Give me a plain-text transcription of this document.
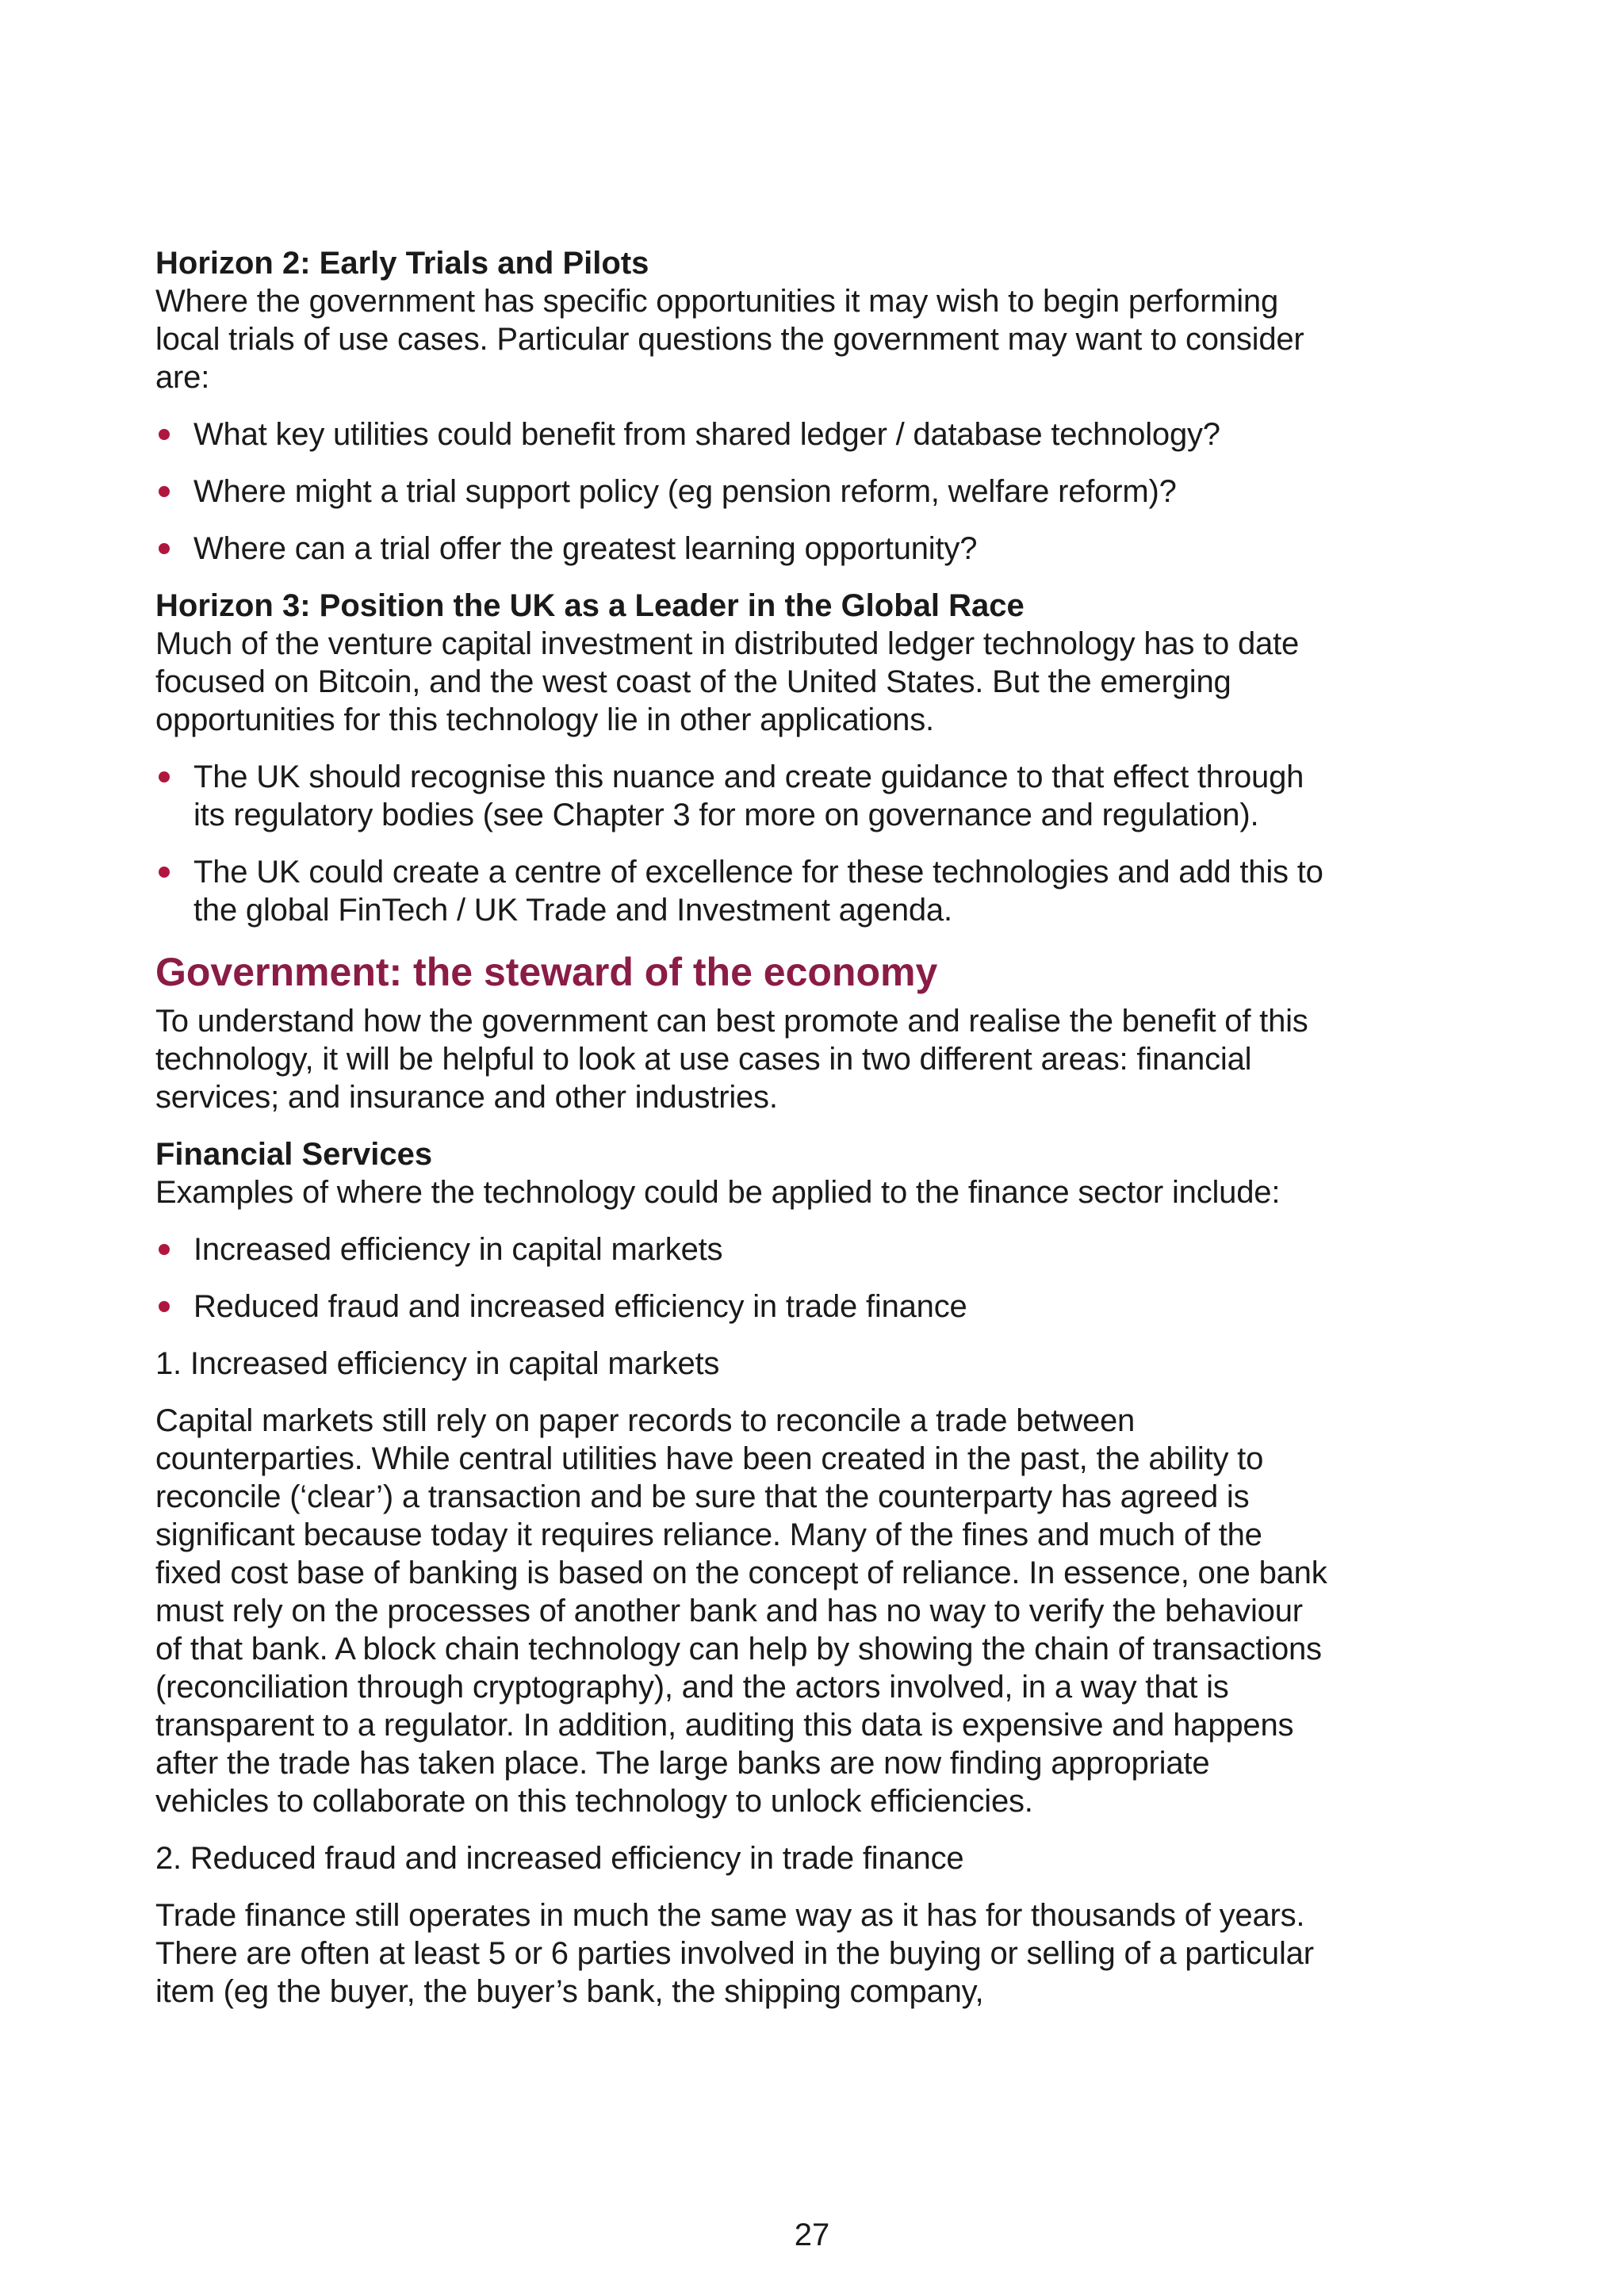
Horizon 2: Early Trials and Pilots

Where the government has specific opportunities it may wish to begin performing local trials of use cases. Particular questions the government may want to consider are:

What key utilities could benefit from shared ledger / database technology?
Where might a trial support policy (eg pension reform, welfare reform)?
Where can a trial offer the greatest learning opportunity?
Horizon 3: Position the UK as a Leader in the Global Race

Much of the venture capital investment in distributed ledger technology has to date focused on Bitcoin, and the west coast of the United States. But the emerging opportunities for this technology lie in other applications.

The UK should recognise this nuance and create guidance to that effect through its regulatory bodies (see Chapter 3 for more on governance and regulation).
The UK could create a centre of excellence for these technologies and add this to the global FinTech / UK Trade and Investment agenda.
Government: the steward of the economy

To understand how the government can best promote and realise the benefit of this technology, it will be helpful to look at use cases in two different areas: financial services; and insurance and other industries.

Financial Services

Examples of where the technology could be applied to the finance sector include:

Increased efficiency in capital markets
Reduced fraud and increased efficiency in trade finance

1. Increased efficiency in capital markets

Capital markets still rely on paper records to reconcile a trade between counterparties. While central utilities have been created in the past, the ability to reconcile (‘clear’) a transaction and be sure that the counterparty has agreed is significant because today it requires reliance. Many of the fines and much of the fixed cost base of banking is based on the concept of reliance. In essence, one bank must rely on the processes of another bank and has no way to verify the behaviour of that bank. A block chain technology can help by showing the chain of transactions (reconciliation through cryptography), and the actors involved, in a way that is transparent to a regulator. In addition, auditing this data is expensive and happens after the trade has taken place. The large banks are now finding appropriate vehicles to collaborate on this technology to unlock efficiencies.

2. Reduced fraud and increased efficiency in trade finance

Trade finance still operates in much the same way as it has for thousands of years. There are often at least 5 or 6 parties involved in the buying or selling of a particular item (eg the buyer, the buyer’s bank, the shipping company,

27
